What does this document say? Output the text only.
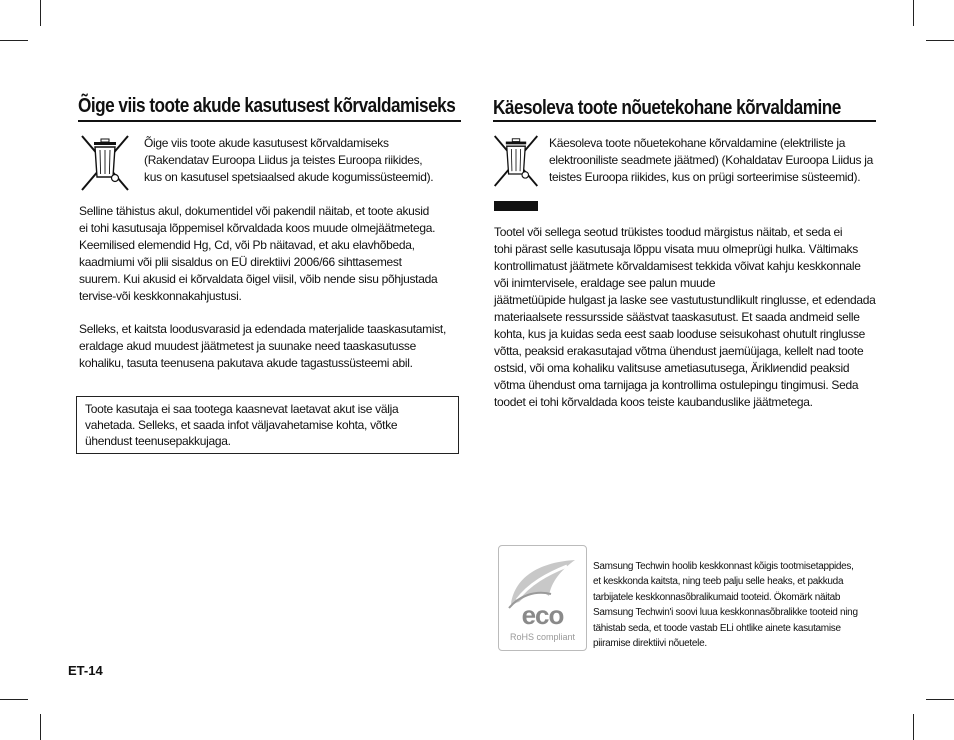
Õige viis toote akude kasutusest kõrvaldamiseks

Õige viis toote akude kasutusest kõrvaldamiseks

(Rakendatav Euroopa Liidus ja teistes Euroopa riikides,

kus on kasutusel spetsiaalsed akude kogumissüsteemid).

Selline tähistus akul, dokumentidel või pakendil näitab, et toote akusid

ei tohi kasutusaja lõppemisel kõrvaldada koos muude olmejäätmetega.

Keemilised elemendid Hg, Cd, või Pb näitavad, et aku elavhõbeda,

kaadmiumi või plii sisaldus on EÜ direktiivi 2006/66 sihttasemest

suurem. Kui akusid ei kõrvaldata õigel viisil, võib nende sisu põhjustada

tervise-või keskkonnakahjustusi.

Selleks, et kaitsta loodusvarasid ja edendada materjalide taaskasutamist,

eraldage akud muudest jäätmetest ja suunake need taaskasutusse

kohaliku, tasuta teenusena pakutava akude tagastussüsteemi abil.

Toote kasutaja ei saa tootega kaasnevat laetavat akut ise välja
vahetada. Selleks, et saada infot väljavahetamise kohta, võtke
ühendust teenusepakkujaga.
ET-14
Käesoleva toote nõuetekohane kõrvaldamine

Käesoleva toote nõuetekohane kõrvaldamine (elektriliste ja

elektrooniliste seadmete jäätmed) (Kohaldatav Euroopa Liidus ja

teistes Euroopa riikides, kus on prügi sorteerimise süsteemid).

Tootel või sellega seotud trükistes toodud märgistus näitab, et seda ei

tohi pärast selle kasutusaja lõppu visata muu olmeprügi hulka. Vältimaks

kontrollimatust jäätmete kõrvaldamisest tekkida võivat kahju keskkonnale

või inimtervisele, eraldage see palun muude

jäätmetüüpide hulgast ja laske see vastutustundlikult ringlusse, et edendada

materiaalsete ressursside säästvat taaskasutust. Et saada andmeid selle

kohta, kus ja kuidas seda eest saab looduse seisukohast ohutult ringlusse

võtta, peaksid erakasutajad võtma ühendust jaemüüjaga, kellelt nad toote

ostsid, või oma kohaliku valitsuse ametiasutusega, Äriklиendid peaksid

võtma ühendust oma tarnijaga ja kontrollima ostulepingu tingimusi. Seda

toodet ei tohi kõrvaldada koos teiste kaubanduslike jäätmetega.

eco
RoHS compliant

Samsung Techwin hoolib keskkonnast kõigis tootmisetappides,

et keskkonda kaitsta, ning teeb palju selle heaks, et pakkuda

tarbijatele keskkonnasõbralikumaid tooteid. Ökomärk näitab

Samsung Techwin'i soovi luua keskkonnasõbralikke tooteid ning

tähistab seda, et toode vastab ELi ohtlike ainete kasutamise

piiramise direktiivi nõuetele.
